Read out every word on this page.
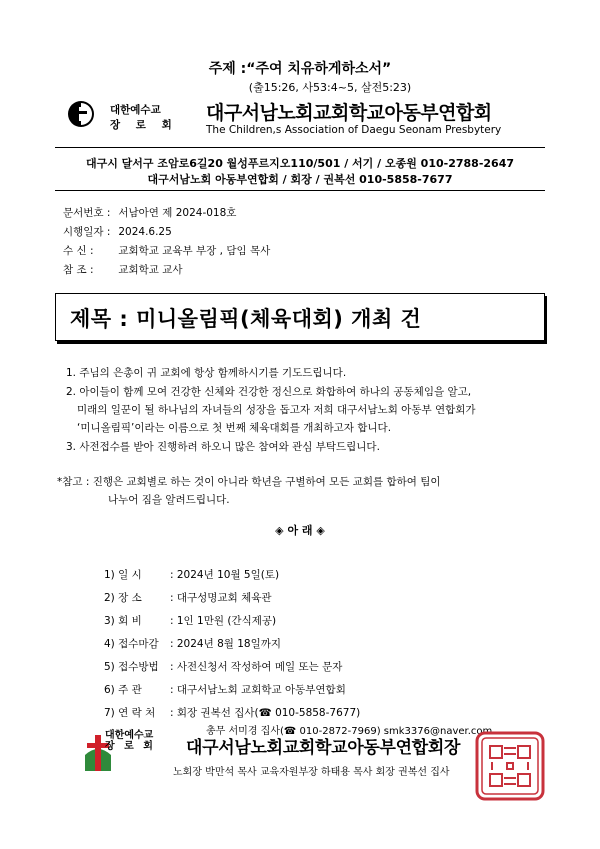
주제 :“주여 치유하게하소서”
(출15:26, 사53:4~5, 살전5:23)
대한예수교
장 로 회
대구서남노회교회학교아동부연합회
The Children,s Association of Daegu Seonam Presbytery
대구시 달서구 조암로6길20 월성푸르지오110/501 / 서기 / 오종원 010-2788-2647
대구서남노회 아동부연합회 / 회장 / 권복선 010-5858-7677
문서번호 : 서남아연 제 2024-018호
시행일자 : 2024.6.25
수 신 : 교회학교 교육부 부장 , 담임 목사
참 조 : 교회학교 교사
제목 : 미니올림픽(체육대회) 개최 건
1. 주님의 은총이 귀 교회에 항상 함께하시기를 기도드립니다.
2. 아이들이 함께 모여 건강한 신체와 건강한 정신으로 화합하여 하나의 공동체임을 알고,
미래의 일꾼이 될 하나님의 자녀들의 성장을 돕고자 저희 대구서남노회 아동부 연합회가
‘미니올림픽’이라는 이름으로 첫 번째 체육대회를 개최하고자 합니다.
3. 사전접수를 받아 진행하려 하오니 많은 참여와 관심 부탁드립니다.
*참고 : 진행은 교회별로 하는 것이 아니라 학년을 구별하여 모든 교회를 합하여 팀이
나누어 짐을 알려드립니다.
◈ 아 래 ◈
1) 일 시	: 2024년 10월 5일(토)
2) 장 소	: 대구성명교회 체육관
3) 회 비	: 1인 1만원 (간식제공)
4) 접수마감 : 2024년 8월 18일까지
5) 접수방법 : 사전신청서 작성하여 메일 또는 문자
6) 주 관	: 대구서남노회 교회학교 아동부연합회
7) 연 락 처 : 회장 권복선 집사(☎ 010-5858-7677)
총무 서미경 집사(☎ 010-2872-7969) smk3376@naver.com
대한예수교
장 로 회 대구서남노회교회학교아동부연합회장
노회장 박만석 목사 교육자원부장 하태용 목사 회장 권복선 집사
